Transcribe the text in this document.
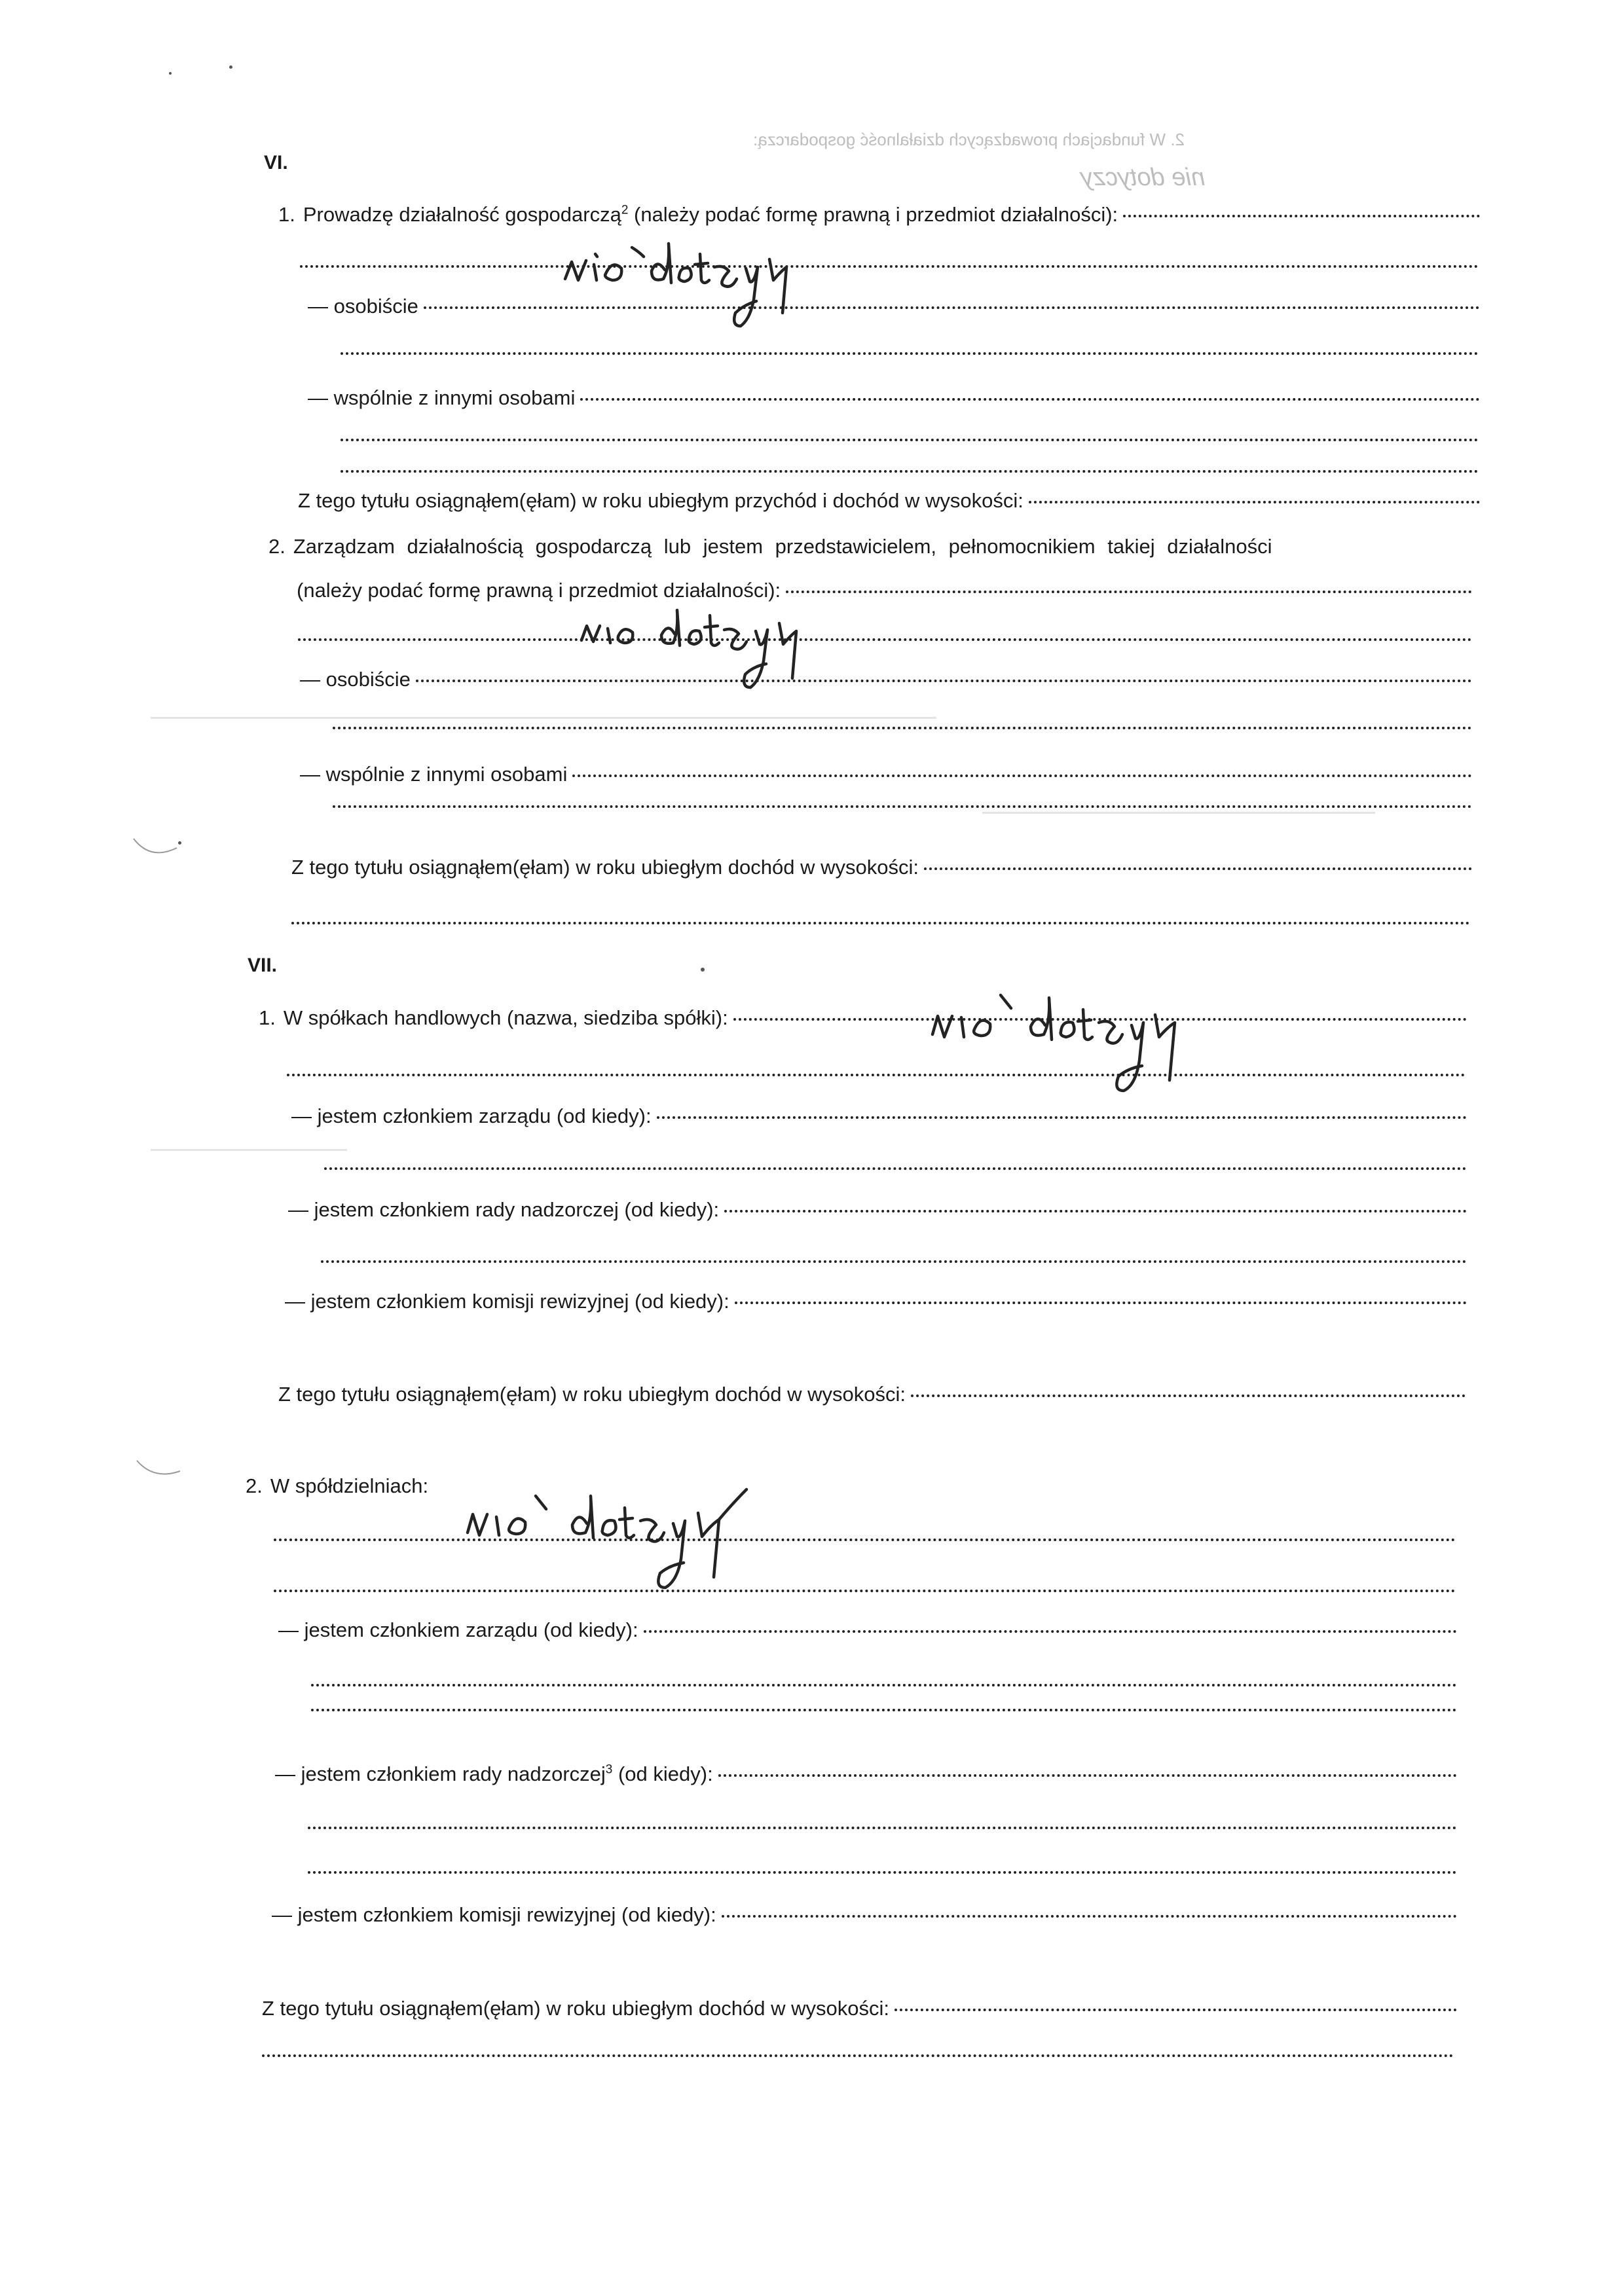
2. W fundacjach prowadzących działalność gospodarczą:
nie dotyczy
VI.
1. Prowadzę działalność gospodarczą$^2$ (należy podać formę prawną i przedmiot działalności):
— osobiście
— wspólnie z innymi osobami
Z tego tytułu osiągnąłem(ęłam) w roku ubiegłym przychód i dochód w wysokości:
2. Zarządzam działalnością gospodarczą lub jestem przedstawicielem, pełnomocnikiem takiej działalności
(należy podać formę prawną i przedmiot działalności):
— osobiście
— wspólnie z innymi osobami
Z tego tytułu osiągnąłem(ęłam) w roku ubiegłym dochód w wysokości:
VII.
1. W spółkach handlowych (nazwa, siedziba spółki):
— jestem członkiem zarządu (od kiedy):
— jestem członkiem rady nadzorczej (od kiedy):
— jestem członkiem komisji rewizyjnej (od kiedy):
Z tego tytułu osiągnąłem(ęłam) w roku ubiegłym dochód w wysokości:
2. W spółdzielniach:
— jestem członkiem zarządu (od kiedy):
— jestem członkiem rady nadzorczej$^3$ (od kiedy):
— jestem członkiem komisji rewizyjnej (od kiedy):
Z tego tytułu osiągnąłem(ęłam) w roku ubiegłym dochód w wysokości:
